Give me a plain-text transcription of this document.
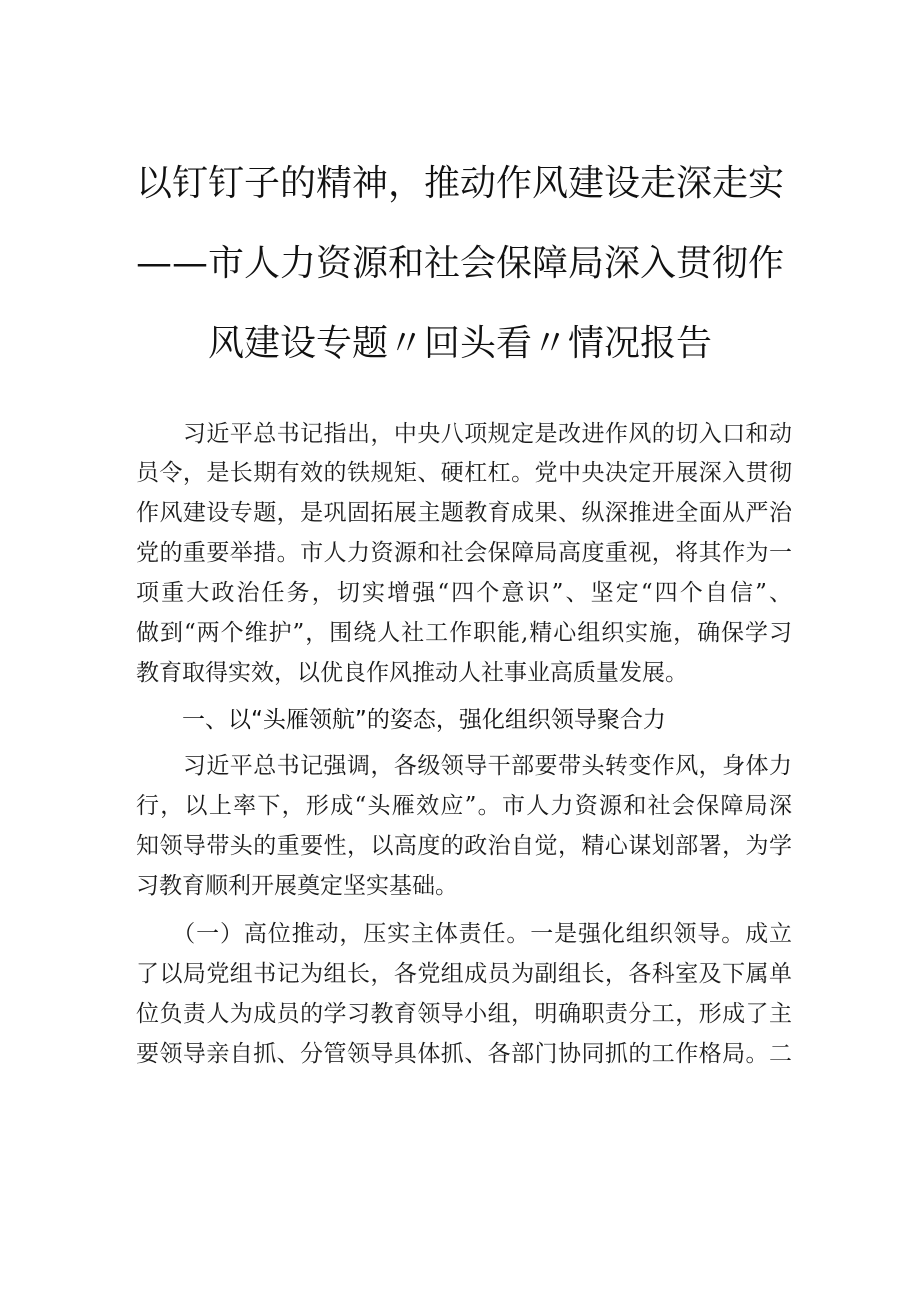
以钉钉子的精神，推动作风建设走深走实
——市人力资源和社会保障局深入贯彻作
风建设专题〃回头看〃情况报告
　　习近平总书记指出，中央八项规定是改进作风的切入口和动
员令，是长期有效的铁规矩、硬杠杠。党中央决定开展深入贯彻
作风建设专题，是巩固拓展主题教育成果、纵深推进全面从严治
党的重要举措。市人力资源和社会保障局高度重视，将其作为一
项重大政治任务，切实增强“四个意识”、坚定“四个自信”、
做到“两个维护”，围绕人社工作职能,精心组织实施，确保学习
教育取得实效，以优良作风推动人社事业高质量发展。
一、以“头雁领航”的姿态，强化组织领导聚合力
　　习近平总书记强调，各级领导干部要带头转变作风，身体力
行，以上率下，形成“头雁效应”。市人力资源和社会保障局深
知领导带头的重要性，以高度的政治自觉，精心谋划部署，为学
习教育顺利开展奠定坚实基础。
　　（一）高位推动，压实主体责任。一是强化组织领导。成立
了以局党组书记为组长，各党组成员为副组长，各科室及下属单
位负责人为成员的学习教育领导小组，明确职责分工，形成了主
要领导亲自抓、分管领导具体抓、各部门协同抓的工作格局。二
